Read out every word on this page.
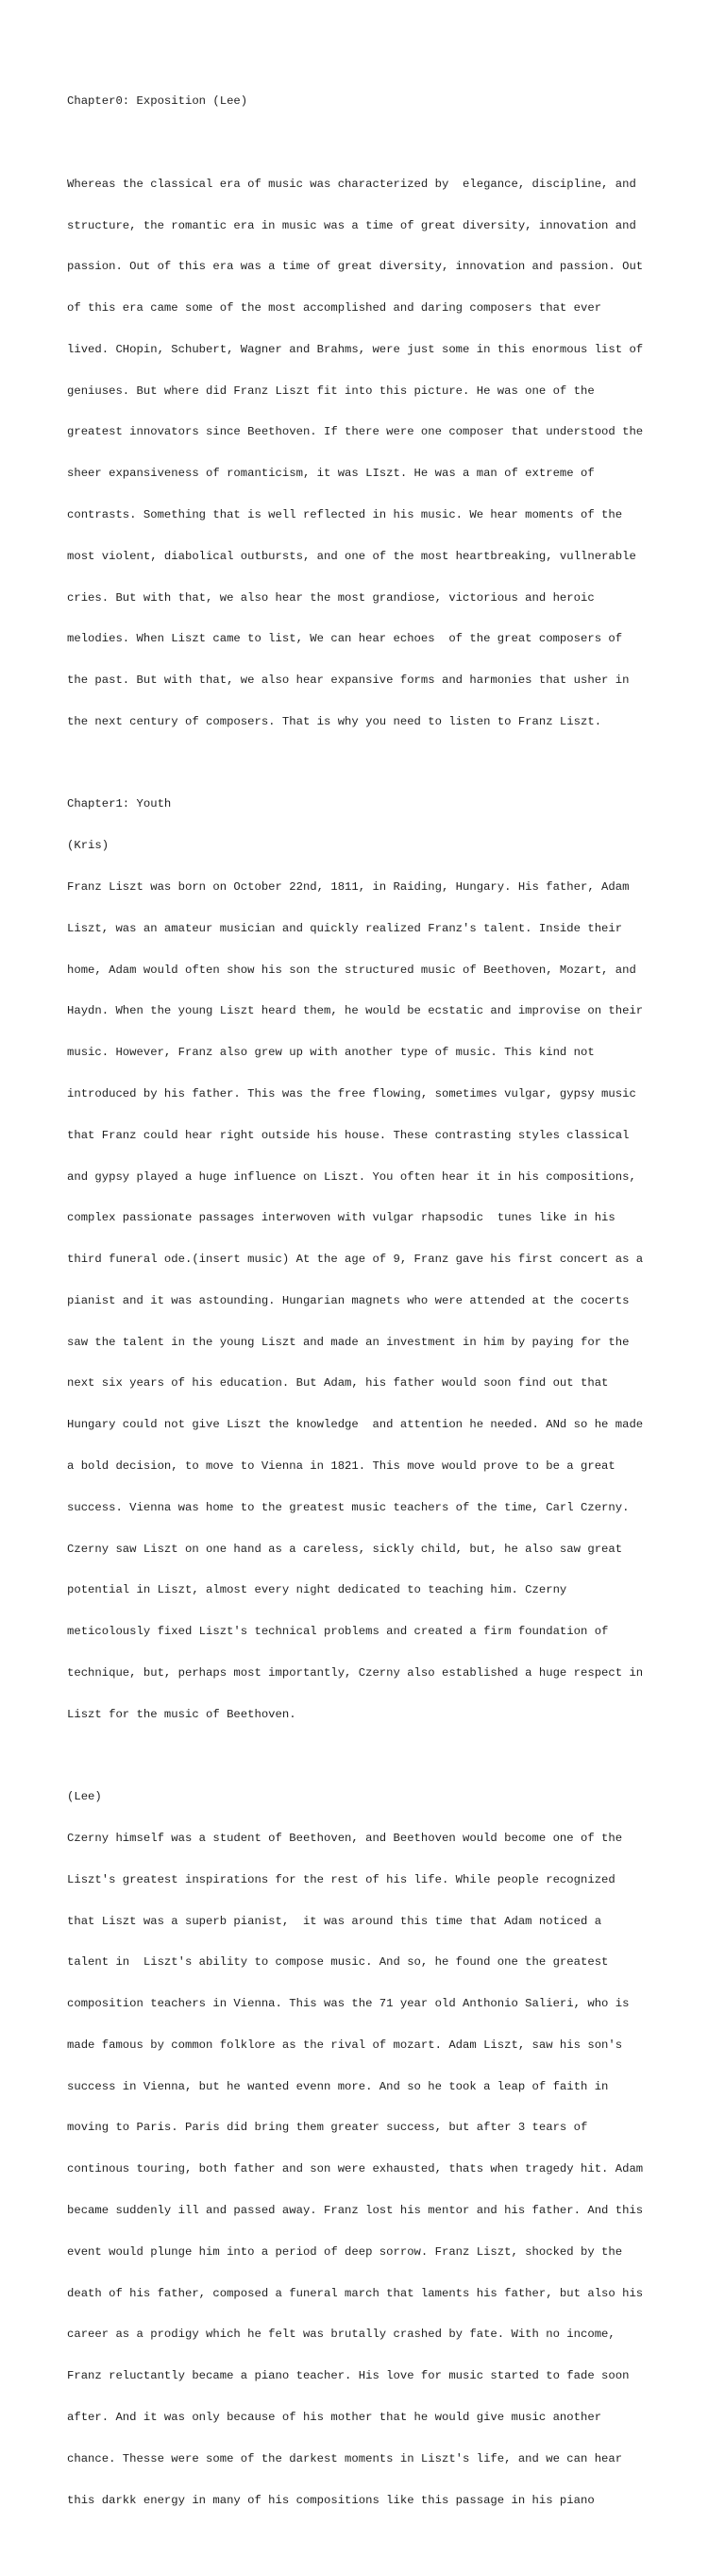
Chapter0: Exposition (Lee)

Whereas the classical era of music was characterized by  elegance, discipline, and

structure, the romantic era in music was a time of great diversity, innovation and

passion. Out of this era was a time of great diversity, innovation and passion. Out

of this era came some of the most accomplished and daring composers that ever

lived. CHopin, Schubert, Wagner and Brahms, were just some in this enormous list of

geniuses. But where did Franz Liszt fit into this picture. He was one of the

greatest innovators since Beethoven. If there were one composer that understood the

sheer expansiveness of romanticism, it was LIszt. He was a man of extreme of

contrasts. Something that is well reflected in his music. We hear moments of the

most violent, diabolical outbursts, and one of the most heartbreaking, vullnerable

cries. But with that, we also hear the most grandiose, victorious and heroic

melodies. When Liszt came to list, We can hear echoes  of the great composers of

the past. But with that, we also hear expansive forms and harmonies that usher in

the next century of composers. That is why you need to listen to Franz Liszt.

Chapter1: Youth

(Kris)

Franz Liszt was born on October 22nd, 1811, in Raiding, Hungary. His father, Adam

Liszt, was an amateur musician and quickly realized Franz's talent. Inside their

home, Adam would often show his son the structured music of Beethoven, Mozart, and

Haydn. When the young Liszt heard them, he would be ecstatic and improvise on their

music. However, Franz also grew up with another type of music. This kind not

introduced by his father. This was the free flowing, sometimes vulgar, gypsy music

that Franz could hear right outside his house. These contrasting styles classical

and gypsy played a huge influence on Liszt. You often hear it in his compositions,

complex passionate passages interwoven with vulgar rhapsodic  tunes like in his

third funeral ode.(insert music) At the age of 9, Franz gave his first concert as a

pianist and it was astounding. Hungarian magnets who were attended at the cocerts

saw the talent in the young Liszt and made an investment in him by paying for the

next six years of his education. But Adam, his father would soon find out that

Hungary could not give Liszt the knowledge  and attention he needed. ANd so he made

a bold decision, to move to Vienna in 1821. This move would prove to be a great

success. Vienna was home to the greatest music teachers of the time, Carl Czerny.

Czerny saw Liszt on one hand as a careless, sickly child, but, he also saw great

potential in Liszt, almost every night dedicated to teaching him. Czerny

meticolously fixed Liszt's technical problems and created a firm foundation of

technique, but, perhaps most importantly, Czerny also established a huge respect in

Liszt for the music of Beethoven.

(Lee)

Czerny himself was a student of Beethoven, and Beethoven would become one of the

Liszt's greatest inspirations for the rest of his life. While people recognized

that Liszt was a superb pianist,  it was around this time that Adam noticed a

talent in  Liszt's ability to compose music. And so, he found one the greatest

composition teachers in Vienna. This was the 71 year old Anthonio Salieri, who is

made famous by common folklore as the rival of mozart. Adam Liszt, saw his son's

success in Vienna, but he wanted evenn more. And so he took a leap of faith in

moving to Paris. Paris did bring them greater success, but after 3 tears of

continous touring, both father and son were exhausted, thats when tragedy hit. Adam

became suddenly ill and passed away. Franz lost his mentor and his father. And this

event would plunge him into a period of deep sorrow. Franz Liszt, shocked by the

death of his father, composed a funeral march that laments his father, but also his

career as a prodigy which he felt was brutally crashed by fate. With no income,

Franz reluctantly became a piano teacher. His love for music started to fade soon

after. And it was only because of his mother that he would give music another

chance. Thesse were some of the darkest moments in Liszt's life, and we can hear

this darkk energy in many of his compositions like this passage in his piano
